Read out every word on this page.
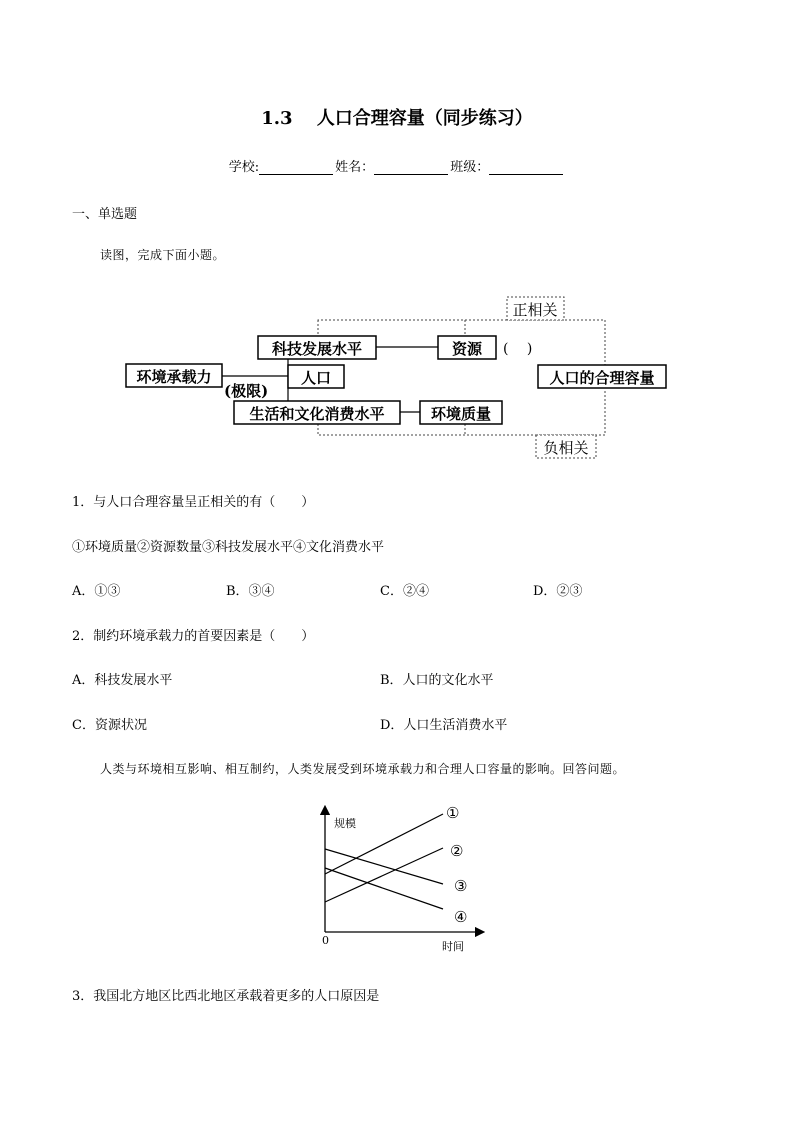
1.3　 人口合理容量（同步练习）
学校:	姓名：	班级：
一、单选题
读图，完成下面小题。
正相关
负相关
科技发展水平	资源 (　 )
环境承载力	人口
(极限)
人口的合理容量
生活和文化消费水平	环境质量
1．与人口合理容量呈正相关的有（　　）
①环境质量②资源数量③科技发展水平④文化消费水平
A．①③	B．③④	C．②④	D．②③
2．制约环境承载力的首要因素是（　　）
A．科技发展水平	B．人口的文化水平
C．资源状况	D．人口生活消费水平
人类与环境相互影响、相互制约，人类发展受到环境承载力和合理人口容量的影响。回答问题。
规模
时间
0
①
②
③
④
3．我国北方地区比西北地区承载着更多的人口原因是
